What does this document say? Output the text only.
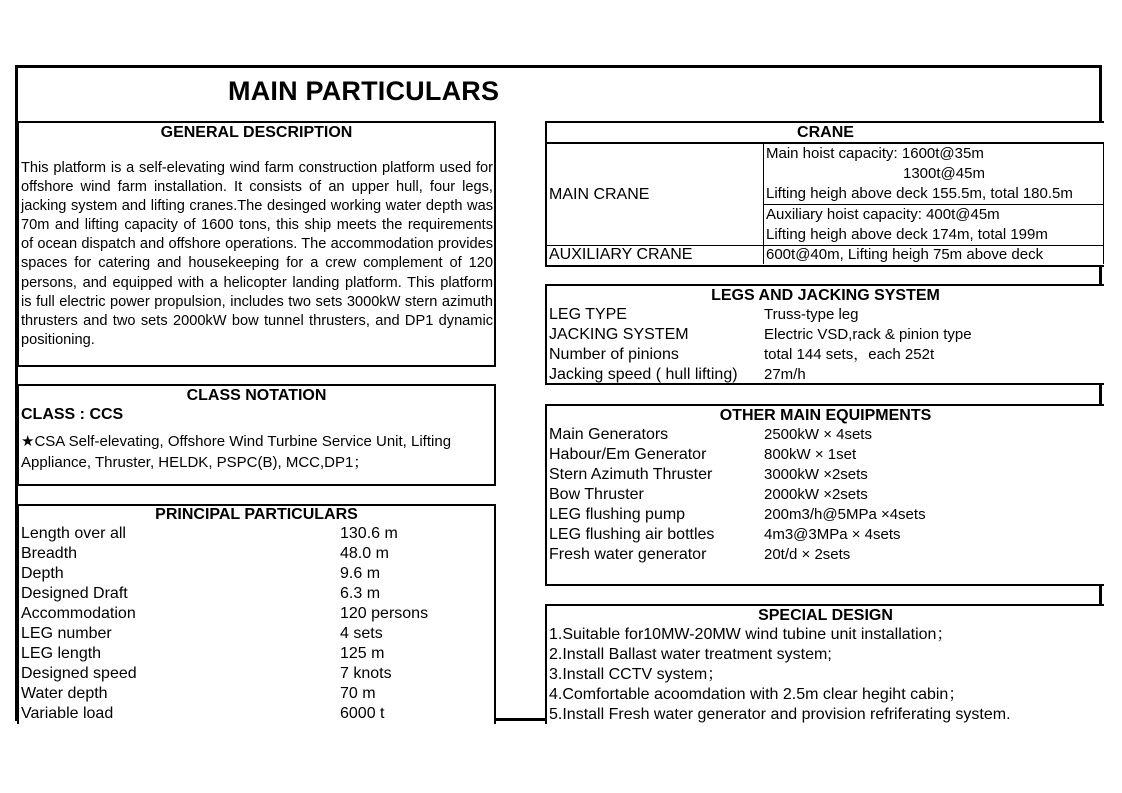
MAIN PARTICULARS
GENERAL DESCRIPTION
This platform is a self-elevating wind farm construction platform used for offshore wind farm installation. It consists of an upper hull, four legs, jacking system and lifting cranes.The desinged working water depth was 70m and lifting capacity of 1600 tons, this ship meets the requirements of ocean dispatch and offshore operations. The accommodation provides spaces for catering and housekeeping for a crew complement of 120 persons, and equipped with a helicopter landing platform. This platform is full electric power propulsion, includes two sets 3000kW stern azimuth thrusters and two sets 2000kW bow tunnel thrusters, and DP1 dynamic positioning.
CLASS NOTATION
CLASS : CCS
★CSA Self-elevating, Offshore Wind Turbine Service Unit, Lifting Appliance, Thruster, HELDK, PSPC(B), MCC,DP1；
PRINCIPAL PARTICULARS
Length over all	130.6 m
Breadth	48.0 m
Depth	9.6 m
Designed Draft	6.3 m
Accommodation	120 persons
LEG number	4 sets
LEG length	125 m
Designed speed	7 knots
Water depth	70 m
Variable load	6000 t
CRANE
MAIN CRANE	Main hoist capacity: 1600t@35m
1300t@45m
Lifting heigh above deck 155.5m, total 180.5m

	Auxiliary hoist capacity: 400t@45m
Lifting heigh above deck 174m, total 199m

AUXILIARY CRANE	600t@40m, Lifting heigh 75m above deck
LEGS AND JACKING SYSTEM
LEG TYPE	Truss-type leg
JACKING SYSTEM	Electric VSD,rack & pinion type
Number of pinions	total 144 sets，each 252t
Jacking speed ( hull lifting) 27m/h
OTHER MAIN EQUIPMENTS
Main Generators	2500kW × 4sets
Habour/Em Generator	800kW × 1set
Stern Azimuth Thruster	3000kW ×2sets
Bow Thruster	2000kW ×2sets
LEG flushing pump	200m3/h@5MPa ×4sets
LEG flushing air bottles	4m3@3MPa × 4sets
Fresh water generator	20t/d × 2sets
SPECIAL DESIGN
1.Suitable for10MW-20MW wind tubine unit installation；
2.Install Ballast water treatment system;
3.Install CCTV system；
4.Comfortable acoomdation with 2.5m clear hegiht cabin；
5.Install Fresh water generator and provision refriferating system.
